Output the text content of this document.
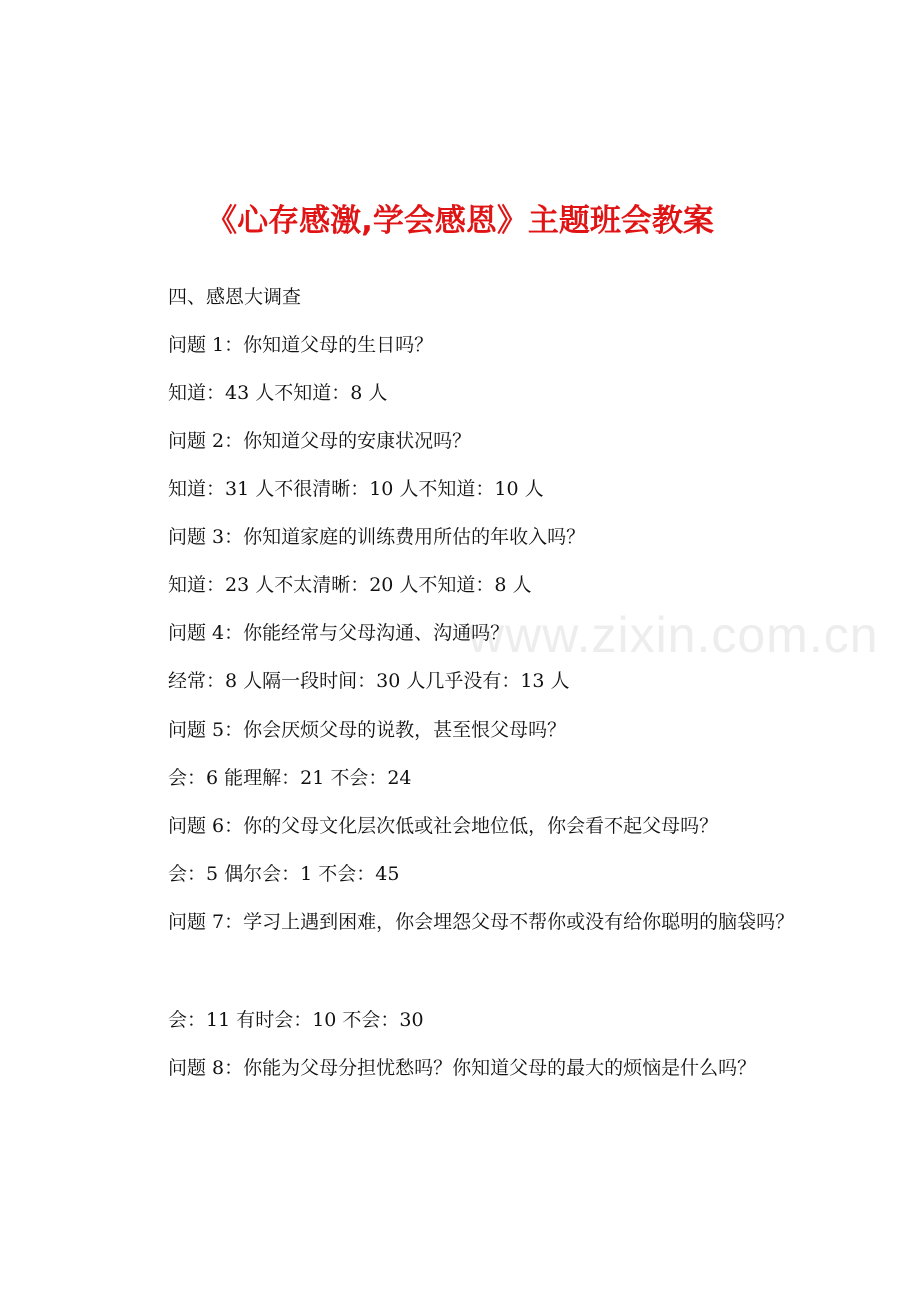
www.zixin.com.cn
《心存感激,学会感恩》主题班会教案
四、感恩大调查
问题 1：你知道父母的生日吗？
知道：43 人不知道：8 人
问题 2：你知道父母的安康状况吗？
知道：31 人不很清晰：10 人不知道：10 人
问题 3：你知道家庭的训练费用所估的年收入吗？
知道：23 人不太清晰：20 人不知道：8 人
问题 4：你能经常与父母沟通、沟通吗？
经常：8 人隔一段时间：30 人几乎没有：13 人
问题 5：你会厌烦父母的说教，甚至恨父母吗？
会：6 能理解：21 不会：24
问题 6：你的父母文化层次低或社会地位低，你会看不起父母吗？
会：5 偶尔会：1 不会：45
问题 7：学习上遇到困难，你会埋怨父母不帮你或没有给你聪明的脑袋吗？
会：11 有时会：10 不会：30
问题 8：你能为父母分担忧愁吗？你知道父母的最大的烦恼是什么吗？
